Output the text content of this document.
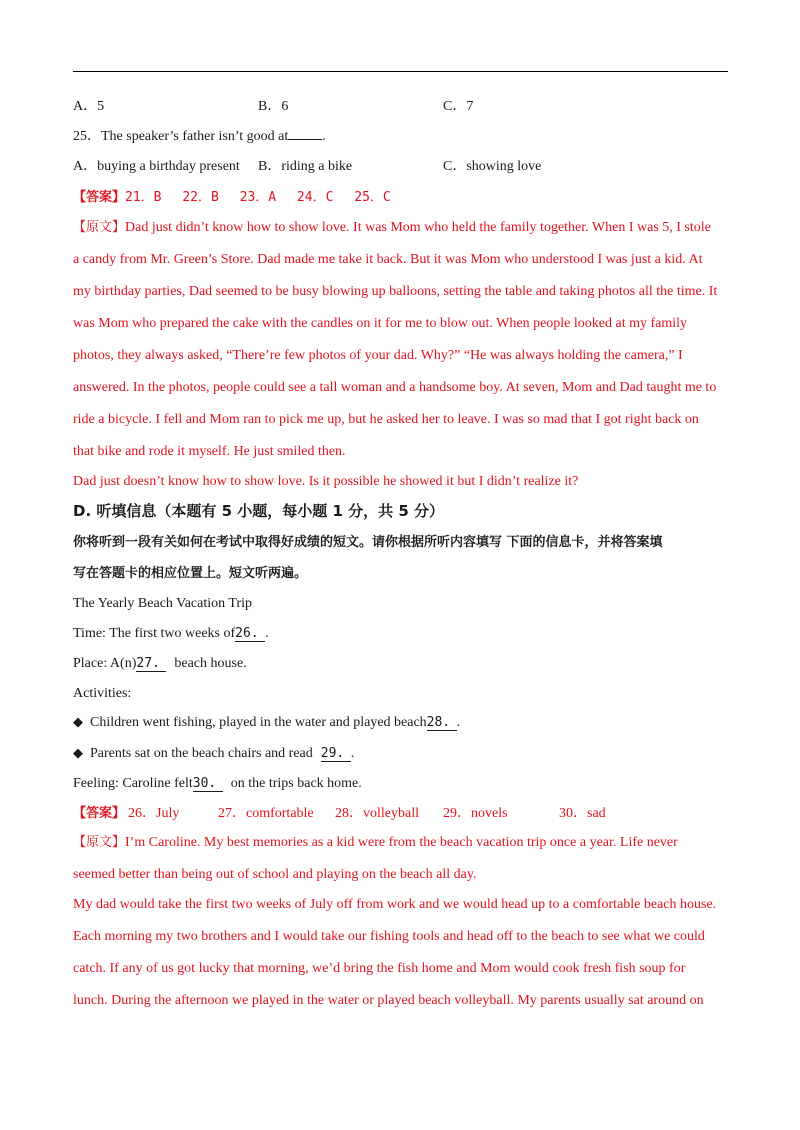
A．5	B．6	C．7
25．The speaker’s father isn’t good at .
A．buying a birthday present B．riding a bike	C．showing love
【答案】21．B　 22．B　 23．A　 24．C　 25．C
【原文】Dad just didn’t know how to show love. It was Mom who held the family together. When I was 5, I stole
a candy from Mr. Green’s Store. Dad made me take it back. But it was Mom who understood I was just a kid. At
my birthday parties, Dad seemed to be busy blowing up balloons, setting the table and taking photos all the time. It
was Mom who prepared the cake with the candles on it for me to blow out. When people looked at my family
photos, they always asked, “There’re few photos of your dad. Why?” “He was always holding the camera,” I
answered. In the photos, people could see a tall woman and a handsome boy. At seven, Mom and Dad taught me to
ride a bicycle. I fell and Mom ran to pick me up, but he asked her to leave. I was so mad that I got right back on
that bike and rode it myself. He just smiled then.
Dad just doesn’t know how to show love. Is it possible he showed it but I didn’t realize it?
D. 听填信息（本题有 5 小题，每小题 1 分，共 5 分）
你将听到一段有关如何在考试中取得好成绩的短文。请你根据所听内容填写 下面的信息卡，并将答案填
写在答题卡的相应位置上。短文听两遍。
The Yearly Beach Vacation Trip
Time: The first two weeks of26. .
Place: A(n)27. beach house.
Activities:
◆ Children went fishing, played in the water and played beach28. .
◆ Parents sat on the beach chairs and read 29. .
Feeling: Caroline felt30. on the trips back home.
【答案】 26．July	27．comfortable 28．volleyball 29．novels	30．sad
【原文】I’m Caroline. My best memories as a kid were from the beach vacation trip once a year. Life never
seemed better than being out of school and playing on the beach all day.
My dad would take the first two weeks of July off from work and we would head up to a comfortable beach house.
Each morning my two brothers and I would take our fishing tools and head off to the beach to see what we could
catch. If any of us got lucky that morning, we’d bring the fish home and Mom would cook fresh fish soup for
lunch. During the afternoon we played in the water or played beach volleyball. My parents usually sat around on
